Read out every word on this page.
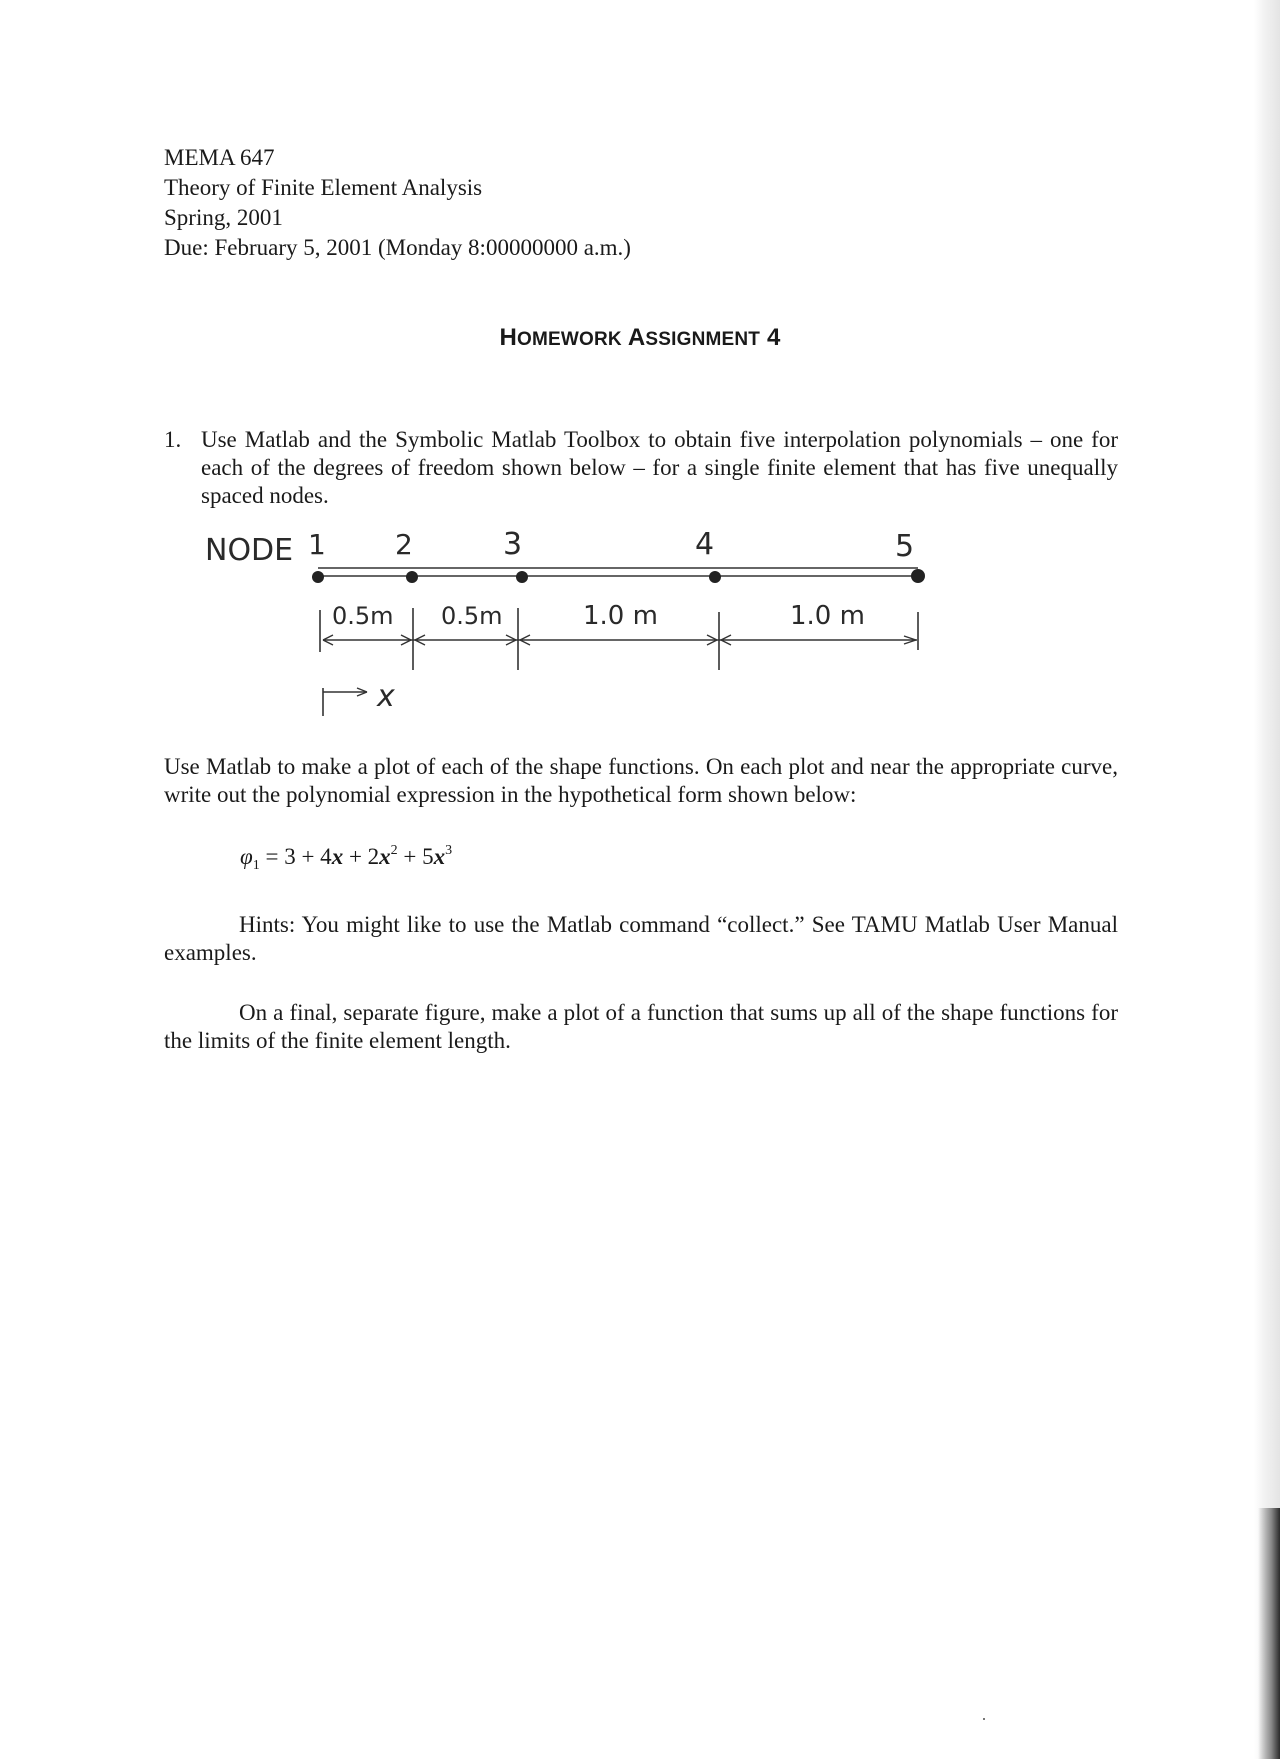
MEMA 647
Theory of Finite Element Analysis
Spring, 2001
Due: February 5, 2001 (Monday 8:00000000 a.m.)
HOMEWORK ASSIGNMENT 4
1. Use Matlab and the Symbolic Matlab Toolbox to obtain five interpolation polynomials – one for each of the degrees of freedom shown below – for a single finite element that has five unequally spaced nodes.
NODE 1 2	3	4	5
0.5m 0.5m	1.0 m	1.0 m
x
Use Matlab to make a plot of each of the shape functions. On each plot and near the appropriate curve, write out the polynomial expression in the hypothetical form shown below:
$\varphi_1 = 3 + 4x + 2x^2 + 5x^3$
Hints: You might like to use the Matlab command “collect.” See TAMU Matlab User Manual examples.
On a final, separate figure, make a plot of a function that sums up all of the shape functions for the limits of the finite element length.
